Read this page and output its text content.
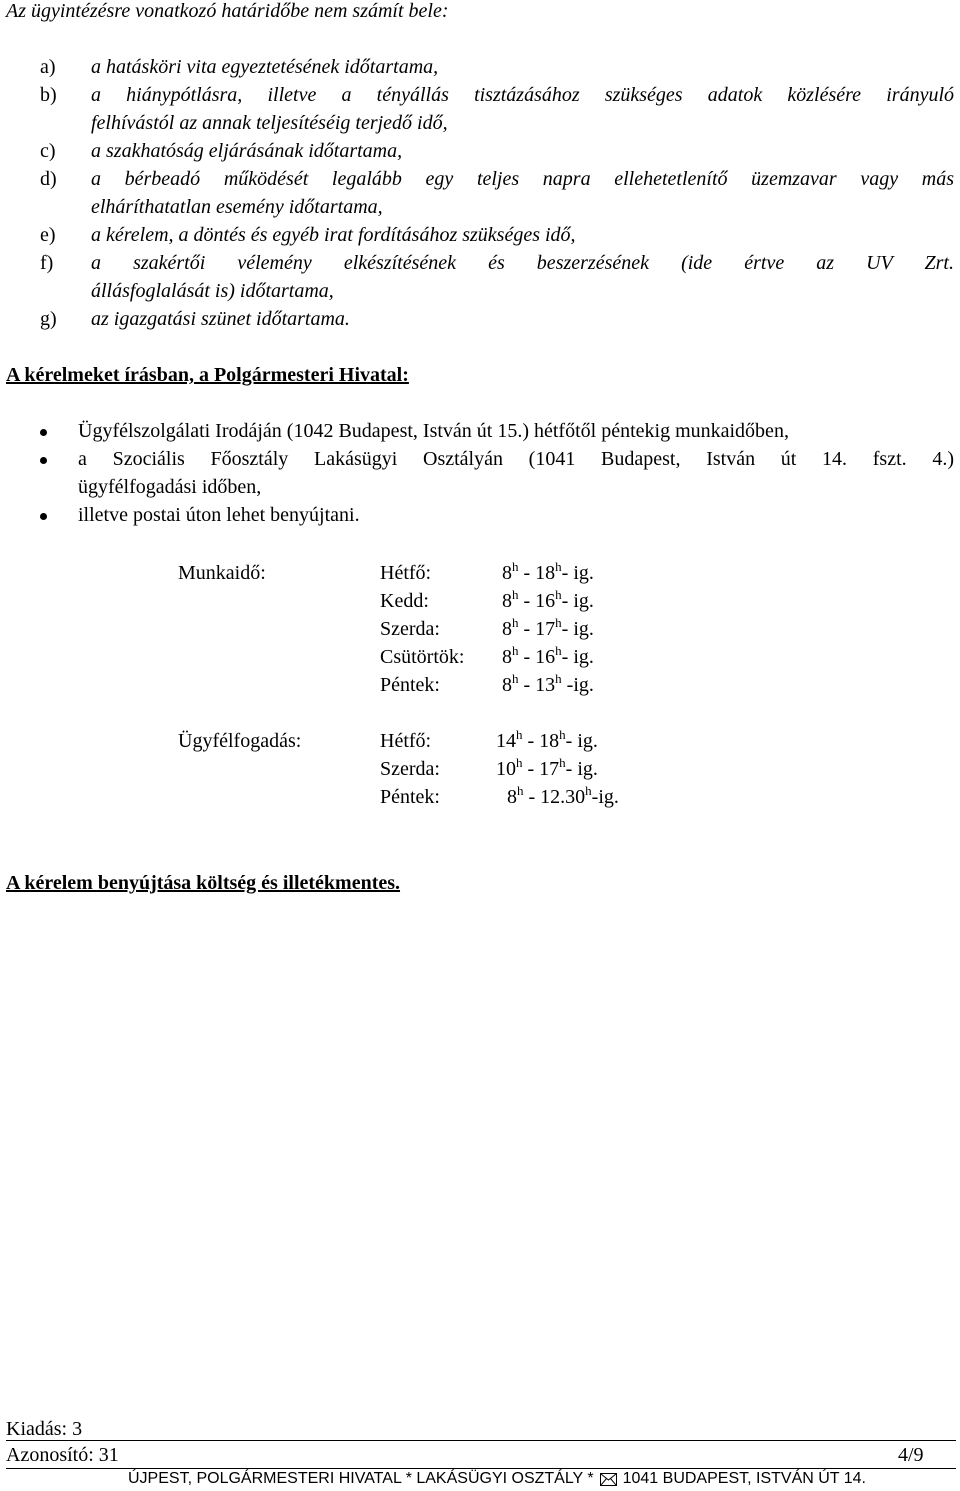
Az ügyintézésre vonatkozó határidőbe nem számít bele:
a) a hatásköri vita egyeztetésének időtartama,
b) a hiánypótlásra, illetve a tényállás tisztázásához szükséges adatok közlésére irányuló
felhívástól az annak teljesítéséig terjedő idő,
c) a szakhatóság eljárásának időtartama,
d) a bérbeadó működését legalább egy teljes napra ellehetetlenítő üzemzavar vagy más
elháríthatatlan esemény időtartama,
e) a kérelem, a döntés és egyéb irat fordításához szükséges idő,
f) a szakértői vélemény elkészítésének és beszerzésének (ide értve az UV Zrt.
állásfoglalását is) időtartama,
g) az igazgatási szünet időtartama.
A kérelmeket írásban, a Polgármesteri Hivatal:
Ügyfélszolgálati Irodáján (1042 Budapest, István út 15.) hétfőtől péntekig munkaidőben,
a Szociális Főosztály Lakásügyi Osztályán (1041 Budapest, István út 14. fszt. 4.)
ügyfélfogadási időben,
illetve postai úton lehet benyújtani.
Munkaidő:	Hétfő:	8$^h$ - 18$^h$- ig.
Kedd:	8$^h$ - 16$^h$- ig.
Szerda:	8$^h$ - 17$^h$- ig.
Csütörtök: 8$^h$ - 16$^h$- ig.
Péntek:	8$^h$ - 13$^h$ -ig.
Ügyfélfogadás:	Hétfő:	14$^h$ - 18$^h$- ig.
Szerda:	10$^h$ - 17$^h$- ig.
Péntek:	8$^h$ - 12.30$^h$-ig.
A kérelem benyújtása költség és illetékmentes.
Kiadás: 3
Azonosító: 31	4/9
ÚJPEST, POLGÁRMESTERI HIVATAL * LAKÁSÜGYI OSZTÁLY * 1041 BUDAPEST, ISTVÁN ÚT 14.
